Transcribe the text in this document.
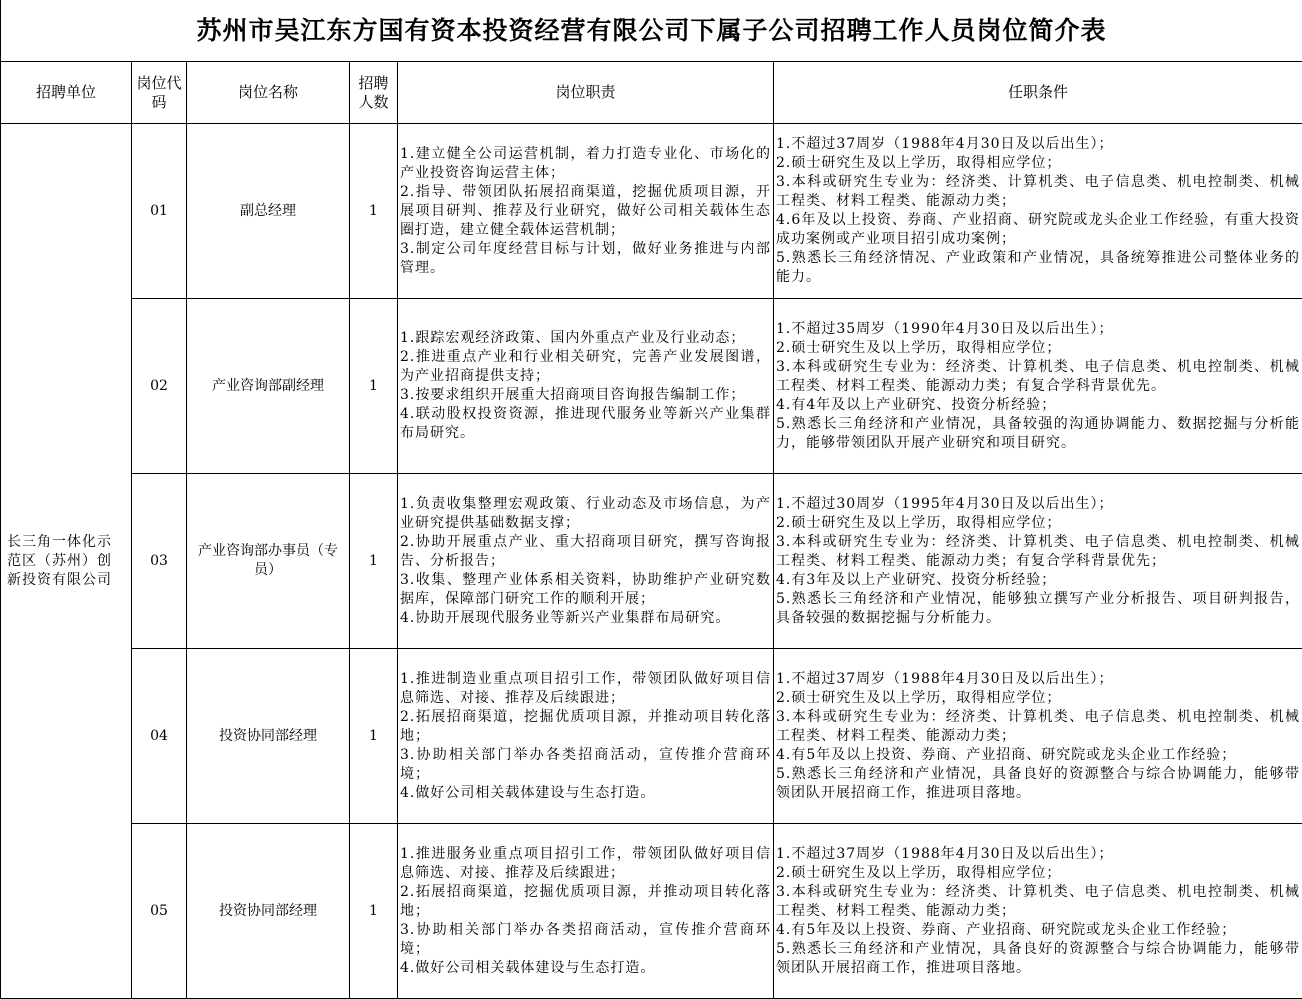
苏州市吴江东方国有资本投资经营有限公司下属子公司招聘工作人员岗位简介表					
招聘单位	岗位代码	岗位名称	招聘人数	岗位职责	任职条件
长三角一体化示范区（苏州）创新投资有限公司	01	副总经理	1	1.建立健全公司运营机制，着力打造专业化、市场化的产业投资咨询运营主体；
2.指导、带领团队拓展招商渠道，挖掘优质项目源，开展项目研判、推荐及行业研究，做好公司相关载体生态圈打造，建立健全载体运营机制；
3.制定公司年度经营目标与计划，做好业务推进与内部管理。	1.不超过37周岁（1988年4月30日及以后出生）；
2.硕士研究生及以上学历，取得相应学位；
3.本科或研究生专业为：经济类、计算机类、电子信息类、机电控制类、机械工程类、材料工程类、能源动力类；
4.6年及以上投资、券商、产业招商、研究院或龙头企业工作经验，有重大投资成功案例或产业项目招引成功案例；
5.熟悉长三角经济情况、产业政策和产业情况，具备统筹推进公司整体业务的能力。

	02	产业咨询部副经理	1	1.跟踪宏观经济政策、国内外重点产业及行业动态；
2.推进重点产业和行业相关研究，完善产业发展图谱，为产业招商提供支持；
3.按要求组织开展重大招商项目咨询报告编制工作；
4.联动股权投资资源，推进现代服务业等新兴产业集群布局研究。	1.不超过35周岁（1990年4月30日及以后出生）；
2.硕士研究生及以上学历，取得相应学位；
3.本科或研究生专业为：经济类、计算机类、电子信息类、机电控制类、机械工程类、材料工程类、能源动力类；有复合学科背景优先。
4.有4年及以上产业研究、投资分析经验；
5.熟悉长三角经济和产业情况，具备较强的沟通协调能力、数据挖掘与分析能力，能够带领团队开展产业研究和项目研究。

	03	产业咨询部办事员（专员）	1	1.负责收集整理宏观政策、行业动态及市场信息，为产业研究提供基础数据支撑；
2.协助开展重点产业、重大招商项目研究，撰写咨询报告、分析报告；
3.收集、整理产业体系相关资料，协助维护产业研究数据库，保障部门研究工作的顺利开展；
4.协助开展现代服务业等新兴产业集群布局研究。	1.不超过30周岁（1995年4月30日及以后出生）；
2.硕士研究生及以上学历，取得相应学位；
3.本科或研究生专业为：经济类、计算机类、电子信息类、机电控制类、机械工程类、材料工程类、能源动力类；有复合学科背景优先；
4.有3年及以上产业研究、投资分析经验；
5.熟悉长三角经济和产业情况，能够独立撰写产业分析报告、项目研判报告，具备较强的数据挖掘与分析能力。

	04	投资协同部经理	1	1.推进制造业重点项目招引工作，带领团队做好项目信息筛选、对接、推荐及后续跟进；
2.拓展招商渠道，挖掘优质项目源，并推动项目转化落地；
3.协助相关部门举办各类招商活动，宣传推介营商环境；
4.做好公司相关载体建设与生态打造。	1.不超过37周岁（1988年4月30日及以后出生）；
2.硕士研究生及以上学历，取得相应学位；
3.本科或研究生专业为：经济类、计算机类、电子信息类、机电控制类、机械工程类、材料工程类、能源动力类；
4.有5年及以上投资、券商、产业招商、研究院或龙头企业工作经验；
5.熟悉长三角经济和产业情况，具备良好的资源整合与综合协调能力，能够带领团队开展招商工作，推进项目落地。

	05	投资协同部经理	1	1.推进服务业重点项目招引工作，带领团队做好项目信息筛选、对接、推荐及后续跟进；
2.拓展招商渠道，挖掘优质项目源，并推动项目转化落地；
3.协助相关部门举办各类招商活动，宣传推介营商环境；
4.做好公司相关载体建设与生态打造。	1.不超过37周岁（1988年4月30日及以后出生）；
2.硕士研究生及以上学历，取得相应学位；
3.本科或研究生专业为：经济类、计算机类、电子信息类、机电控制类、机械工程类、材料工程类、能源动力类；
4.有5年及以上投资、券商、产业招商、研究院或龙头企业工作经验；
5.熟悉长三角经济和产业情况，具备良好的资源整合与综合协调能力，能够带领团队开展招商工作，推进项目落地。
